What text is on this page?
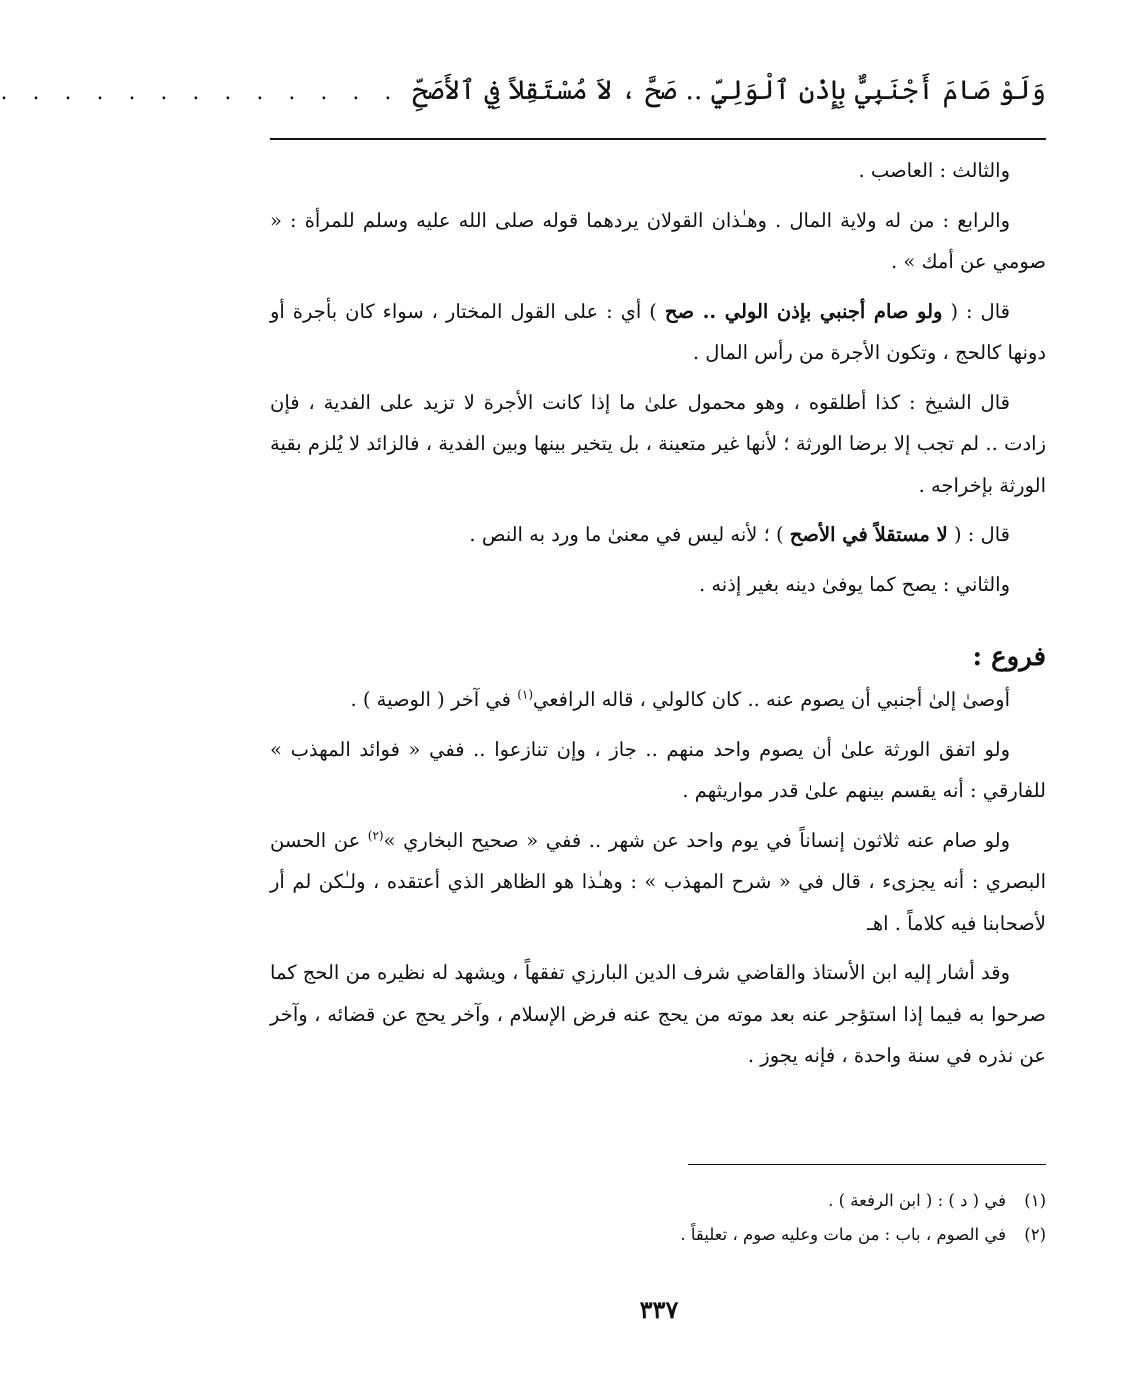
وَلَوْ صَامَ أَجْنَبِيٌّ بِإِذْنِ ٱلْوَلِيِّ .. صَحَّ ، لاَ مُسْتَقِلاً فِي ٱلأَصَحِّ
. . . . . . . . . . . . .

والثالث : العاصب .

والرابع : من له ولاية المال . وهـٰذان القولان يردهما قوله صلى الله عليه وسلم للمرأة : « صومي عن أمك » .

قال : ( ولو صام أجنبي بإذن الولي .. صح ) أي : على القول المختار ، سواء كان بأجرة أو دونها كالحج ، وتكون الأجرة من رأس المال .

قال الشيخ : كذا أطلقوه ، وهو محمول علىٰ ما إذا كانت الأجرة لا تزيد على الفدية ، فإن زادت .. لم تجب إلا برضا الورثة ؛ لأنها غير متعينة ، بل يتخير بينها وبين الفدية ، فالزائد لا يُلزم بقية الورثة بإخراجه .

قال : ( لا مستقلاً في الأصح ) ؛ لأنه ليس في معنىٰ ما ورد به النص .

والثاني : يصح كما يوفىٰ دينه بغير إذنه .

فروع :

أوصىٰ إلىٰ أجنبي أن يصوم عنه .. كان كالولي ، قاله الرافعي$^{(١)}$ في آخر ( الوصية ) .

ولو اتفق الورثة علىٰ أن يصوم واحد منهم .. جاز ، وإن تنازعوا .. ففي « فوائد المهذب » للفارقي : أنه يقسم بينهم علىٰ قدر مواريثهم .

ولو صام عنه ثلاثون إنساناً في يوم واحد عن شهر .. ففي « صحيح البخاري »$^{(٢)}$ عن الحسن البصري : أنه يجزىء ، قال في « شرح المهذب » : وهـٰذا هو الظاهر الذي أعتقده ، ولـٰكن لم أر لأصحابنا فيه كلاماً . اهـ

وقد أشار إليه ابن الأستاذ والقاضي شرف الدين البارزي تفقهاً ، ويشهد له نظيره من الحج كما صرحوا به فيما إذا استؤجر عنه بعد موته من يحج عنه فرض الإسلام ، وآخر يحج عن قضائه ، وآخر عن نذره في سنة واحدة ، فإنه يجوز .

(١)في ( د ) : ( ابن الرفعة ) .
(٢)في الصوم ، باب : من مات وعليه صوم ، تعليقاً .
٣٣٧
